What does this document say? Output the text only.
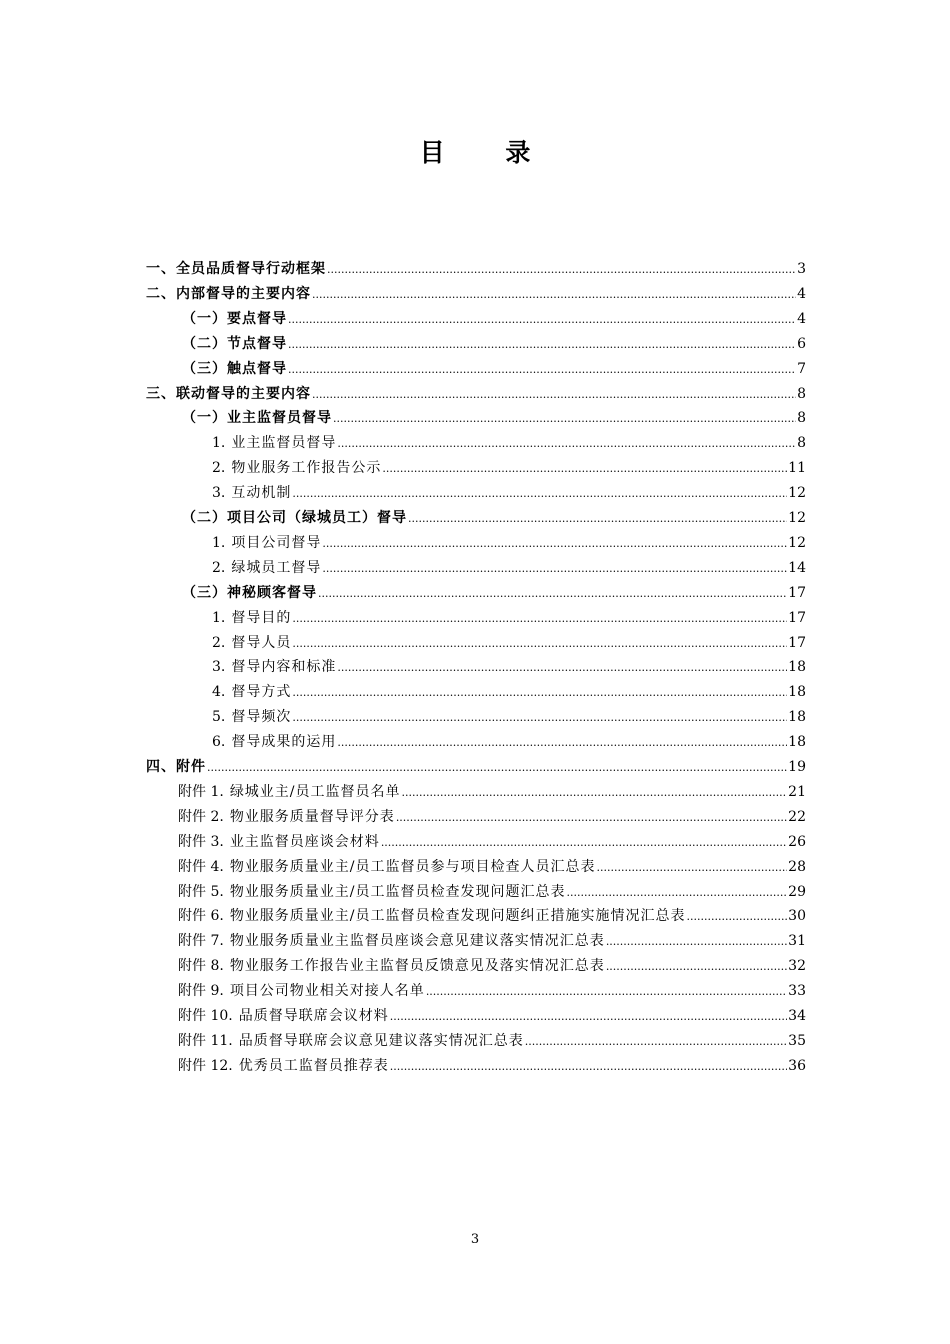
目 录
一、全员品质督导行动框架 .....	3
二、内部督导的主要内容 .....	4
（一）要点督导 .....	4
（二）节点督导 .....	6
（三）触点督导 .....	7
三、联动督导的主要内容 .....	8
（一）业主监督员督导 .....	8
1. 业主监督员督导 .....	8
2. 物业服务工作报告公示 .....	11
3. 互动机制 .....	12
（二）项目公司（绿城员工）督导 .....	12
1. 项目公司督导 .....	12
2. 绿城员工督导 .....	14
（三）神秘顾客督导 .....	17
1. 督导目的 .....	17
2. 督导人员 .....	17
3. 督导内容和标准 .....	18
4. 督导方式 .....	18
5. 督导频次 .....	18
6. 督导成果的运用 .....	18
四、附件 .....	19
附件 1. 绿城业主/员工监督员名单 .....	21
附件 2. 物业服务质量督导评分表 .....	22
附件 3. 业主监督员座谈会材料 .....	26
附件 4. 物业服务质量业主/员工监督员参与项目检查人员汇总表 .....	28
附件 5. 物业服务质量业主/员工监督员检查发现问题汇总表 .....	29
附件 6. 物业服务质量业主/员工监督员检查发现问题纠正措施实施情况汇总表 .....	30
附件 7. 物业服务质量业主监督员座谈会意见建议落实情况汇总表 .....	31
附件 8. 物业服务工作报告业主监督员反馈意见及落实情况汇总表 .....	32
附件 9. 项目公司物业相关对接人名单 .....	33
附件 10. 品质督导联席会议材料 .....	34
附件 11. 品质督导联席会议意见建议落实情况汇总表 .....	35
附件 12. 优秀员工监督员推荐表 .....	36
3
